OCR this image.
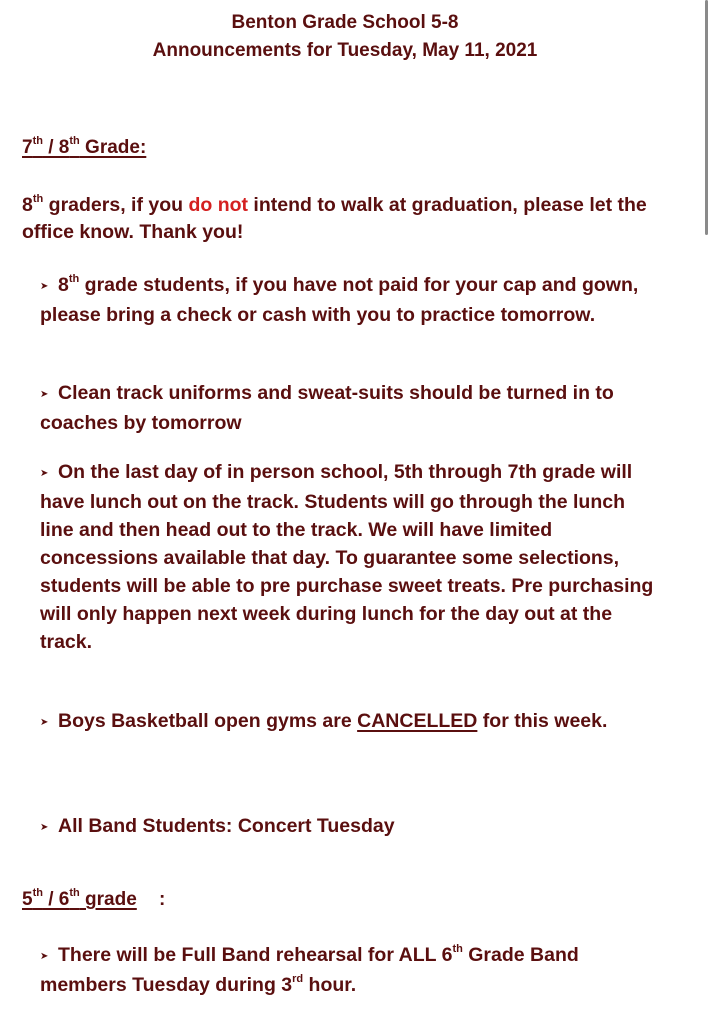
Benton Grade School 5-8
Announcements for Tuesday, May 11, 2021
7th / 8th Grade:
8th graders, if you do not intend to walk at graduation, please let the office know. Thank you!
➤ 8th grade students, if you have not paid for your cap and gown, please bring a check or cash with you to practice tomorrow.
➤ Clean track uniforms and sweat-suits should be turned in to coaches by tomorrow
➤ On the last day of in person school, 5th through 7th grade will have lunch out on the track. Students will go through the lunch line and then head out to the track. We will have limited concessions available that day. To guarantee some selections, students will be able to pre purchase sweet treats. Pre purchasing will only happen next week during lunch for the day out at the track.
➤ Boys Basketball open gyms are CANCELLED for this week.
➤ All Band Students: Concert Tuesday
5th / 6th grade :
➤ There will be Full Band rehearsal for ALL 6th Grade Band members Tuesday during 3rd hour.
